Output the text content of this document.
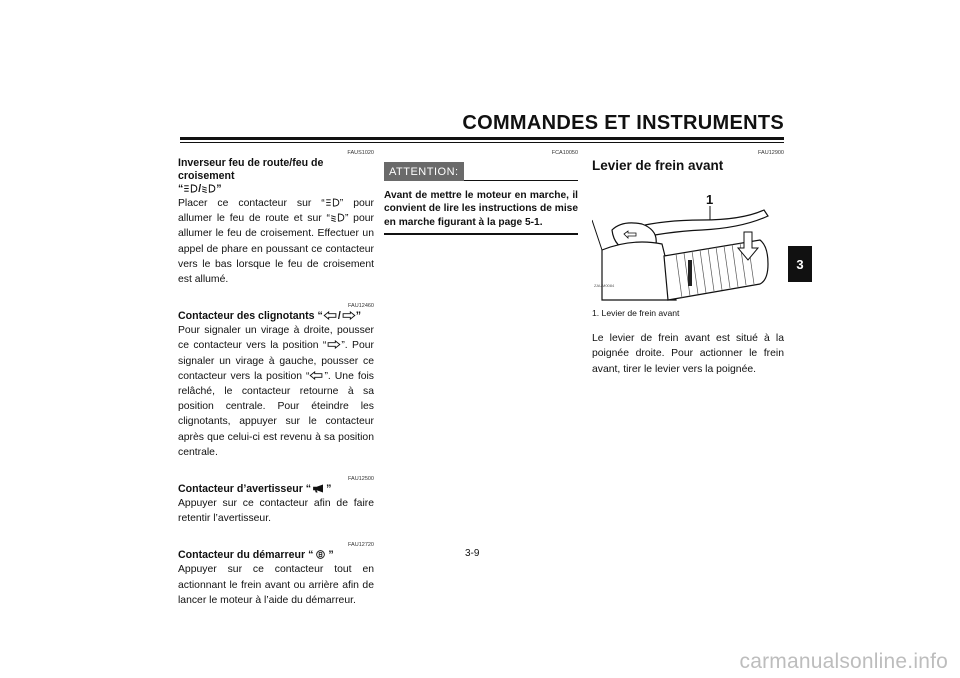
COMMANDES ET INSTRUMENTS
3
FAUS1020
Inverseur feu de route/feu de croisement
“ / ”
Placer ce contacteur sur “ ” pour allumer le feu de route et sur “ ” pour allumer le feu de croisement. Effectuer un appel de phare en poussant ce contacteur vers le bas lorsque le feu de croisement est allumé.
FAU12460
Contacteur des clignotants “ / ”
Pour signaler un virage à droite, pousser ce contacteur vers la position “ ”. Pour signaler un virage à gauche, pousser ce contacteur vers la position “ ”. Une fois relâché, le contacteur retourne à sa position centrale. Pour éteindre les clignotants, appuyer sur le contacteur après que celui-ci est revenu à sa position centrale.
FAU12500
Contacteur d’avertisseur “ ”
Appuyer sur ce contacteur afin de faire retentir l’avertisseur.
FAU12720
Contacteur du démarreur “ ”
Appuyer sur ce contacteur tout en actionnant le frein avant ou arrière afin de lancer le moteur à l’aide du démarreur.
FCA10050
ATTENTION:
Avant de mettre le moteur en marche, il convient de lire les instructions de mise en marche figurant à la page 5-1.
FAU12900
Levier de frein avant
1
ZAUM0084
1. Levier de frein avant
Le levier de frein avant est situé à la poignée droite. Pour actionner le frein avant, tirer le levier vers la poignée.
3-9
carmanualsonline.info
